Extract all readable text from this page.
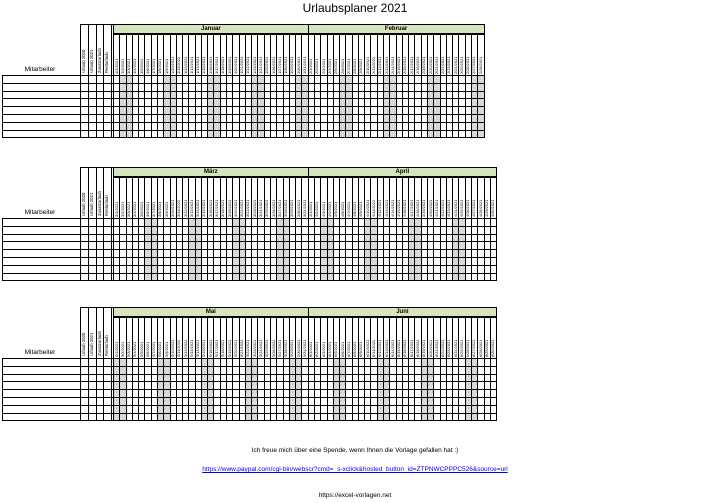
Urlaubsplaner 2021
Mitarbeiter	Urlaub 2020 Urlaub 2021 Zusatzurlaub Resturlaub
Januar
1/1/2021 1/2/2021 1/3/2021 1/4/2021 1/5/2021 1/6/2021 1/7/2021 1/8/2021 1/9/2021 1/10/2021 1/11/2021 1/12/2021 1/13/2021 1/14/2021 1/15/2021 1/16/2021 1/17/2021 1/18/2021 1/19/2021 1/20/2021 1/21/2021 1/22/2021 1/23/2021 1/24/2021 1/25/2021 1/26/2021 1/27/2021 1/28/2021 1/29/2021 1/30/2021 1/31/2021
Februar
2/1/2021 2/2/2021 2/3/2021 2/4/2021 2/5/2021 2/6/2021 2/7/2021 2/8/2021 2/9/2021 2/10/2021 2/11/2021 2/12/2021 2/13/2021 2/14/2021 2/15/2021 2/16/2021 2/17/2021 2/18/2021 2/19/2021 2/20/2021 2/21/2021 2/22/2021 2/23/2021 2/24/2021 2/25/2021 2/26/2021 2/27/2021 2/28/2021
Mitarbeiter	Urlaub 2020 Urlaub 2021 Zusatzurlaub Resturlaub
März
3/1/2021 3/2/2021 3/3/2021 3/4/2021 3/5/2021 3/6/2021 3/7/2021 3/8/2021 3/9/2021 3/10/2021 3/11/2021 3/12/2021 3/13/2021 3/14/2021 3/15/2021 3/16/2021 3/17/2021 3/18/2021 3/19/2021 3/20/2021 3/21/2021 3/22/2021 3/23/2021 3/24/2021 3/25/2021 3/26/2021 3/27/2021 3/28/2021 3/29/2021 3/30/2021 3/31/2021
April
4/1/2021 4/2/2021 4/3/2021 4/4/2021 4/5/2021 4/6/2021 4/7/2021 4/8/2021 4/9/2021 4/10/2021 4/11/2021 4/12/2021 4/13/2021 4/14/2021 4/15/2021 4/16/2021 4/17/2021 4/18/2021 4/19/2021 4/20/2021 4/21/2021 4/22/2021 4/23/2021 4/24/2021 4/25/2021 4/26/2021 4/27/2021 4/28/2021 4/29/2021 4/30/2021
Mitarbeiter	Urlaub 2020 Urlaub 2021 Zusatzurlaub Resturlaub
Mai
5/1/2021 5/2/2021 5/3/2021 5/4/2021 5/5/2021 5/6/2021 5/7/2021 5/8/2021 5/9/2021 5/10/2021 5/11/2021 5/12/2021 5/13/2021 5/14/2021 5/15/2021 5/16/2021 5/17/2021 5/18/2021 5/19/2021 5/20/2021 5/21/2021 5/22/2021 5/23/2021 5/24/2021 5/25/2021 5/26/2021 5/27/2021 5/28/2021 5/29/2021 5/30/2021 5/31/2021
Juni
6/1/2021 6/2/2021 6/3/2021 6/4/2021 6/5/2021 6/6/2021 6/7/2021 6/8/2021 6/9/2021 6/10/2021 6/11/2021 6/12/2021 6/13/2021 6/14/2021 6/15/2021 6/16/2021 6/17/2021 6/18/2021 6/19/2021 6/20/2021 6/21/2021 6/22/2021 6/23/2021 6/24/2021 6/25/2021 6/26/2021 6/27/2021 6/28/2021 6/29/2021 6/30/2021
Ich freue mich über eine Spende, wenn Ihnen die Vorlage gefallen hat :)
https://www.paypal.com/cgi-bin/webscr?cmd=_s-xclick&hosted_button_id=ZTPNWCPPPC526&source=url
https://excel-vorlagen.net
